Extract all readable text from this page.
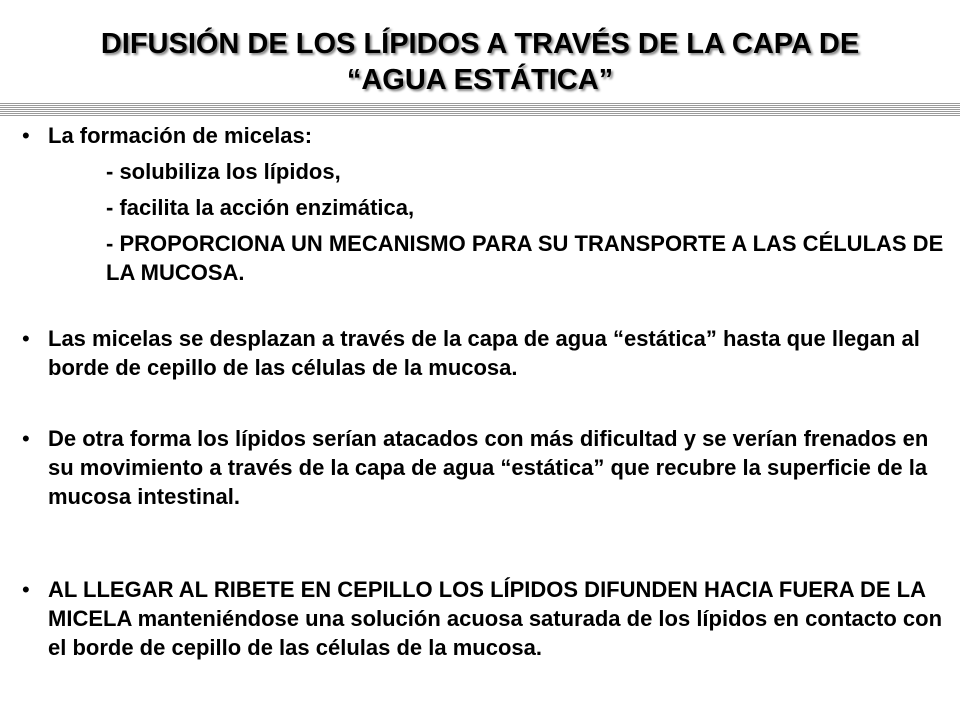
DIFUSIÓN DE LOS LÍPIDOS A TRAVÉS DE LA CAPA DE
“AGUA ESTÁTICA”
• La formación de micelas:
- solubiliza los lípidos,
- facilita la acción enzimática,
- PROPORCIONA UN MECANISMO PARA SU TRANSPORTE A LAS CÉLULAS DE LA MUCOSA.
• Las micelas se desplazan a través de la capa de agua “estática” hasta que llegan al borde de cepillo de las células de la mucosa.
• De otra forma los lípidos serían atacados con más dificultad y se verían frenados en su movimiento a través de la capa de agua “estática” que recubre la superficie de la mucosa intestinal.
• AL LLEGAR AL RIBETE EN CEPILLO LOS LÍPIDOS DIFUNDEN HACIA FUERA DE LA MICELA manteniéndose una solución acuosa saturada de los lípidos en contacto con el borde de cepillo de las células de la mucosa.
